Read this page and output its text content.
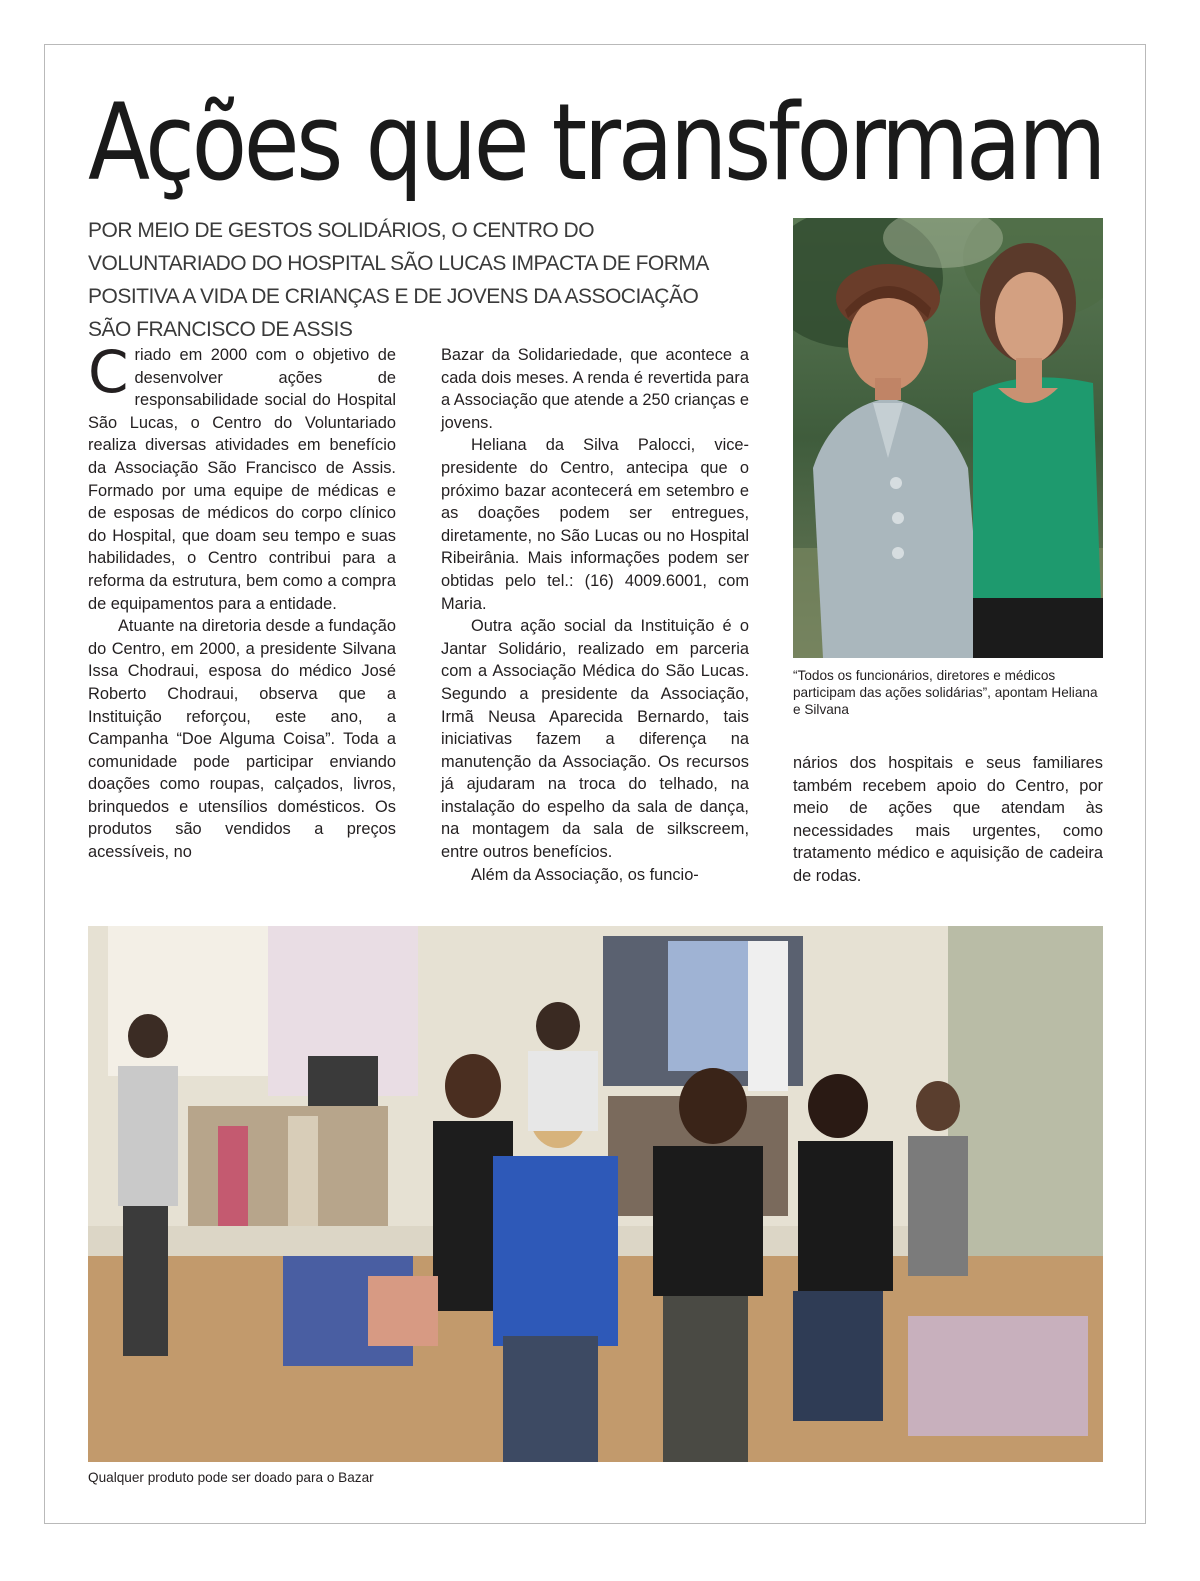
Ações que transformam

POR MEIO DE GESTOS SOLIDÁRIOS, O CENTRO DO VOLUNTARIADO DO HOSPITAL SÃO LUCAS IMPACTA DE FORMA POSITIVA A VIDA DE CRIANÇAS E DE JOVENS DA ASSOCIAÇÃO SÃO FRANCISCO DE ASSIS

Criado em 2000 com o objetivo de desenvolver ações de responsabilidade social do Hospital São Lucas, o Centro do Voluntariado realiza diversas atividades em benefício da Associação São Francisco de Assis. Formado por uma equipe de médicas e de esposas de médicos do corpo clínico do Hospital, que doam seu tempo e suas habilidades, o Centro contribui para a reforma da estrutura, bem como a compra de equipamentos para a entidade.

Atuante na diretoria desde a fundação do Centro, em 2000, a presidente Silvana Issa Chodraui, esposa do médico José Roberto Chodraui, observa que a Instituição reforçou, este ano, a Campanha “Doe Alguma Coisa”. Toda a comunidade pode participar enviando doações como roupas, calçados, livros, brinquedos e utensílios domésticos. Os produtos são vendidos a preços acessíveis, no

Bazar da Solidariedade, que acontece a cada dois meses. A renda é revertida para a Associação que atende a 250 crianças e jovens.

Heliana da Silva Palocci, vice-presidente do Centro, antecipa que o próximo bazar acontecerá em setembro e as doações podem ser entregues, diretamente, no São Lucas ou no Hospital Ribeirânia. Mais informações podem ser obtidas pelo tel.: (16) 4009.6001, com Maria.

Outra ação social da Instituição é o Jantar Solidário, realizado em parceria com a Associação Médica do São Lucas. Segundo a presidente da Associação, Irmã Neusa Aparecida Bernardo, tais iniciativas fazem a diferença na manutenção da Associação. Os recursos já ajudaram na troca do telhado, na instalação do espelho da sala de dança, na montagem da sala de silkscreem, entre outros benefícios.

Além da Associação, os funcio-

“Todos os funcionários, diretores e médicos participam das ações solidárias”, apontam Heliana e Silvana

nários dos hospitais e seus familiares também recebem apoio do Centro, por meio de ações que atendam às necessidades mais urgentes, como tratamento médico e aquisição de cadeira de rodas.

Qualquer produto pode ser doado para o Bazar
